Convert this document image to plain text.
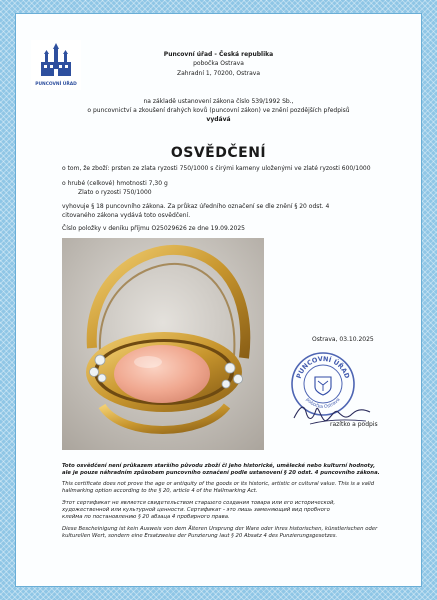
PUNCOVNÍ ÚŘAD
Puncovní úřad - Česká republika
pobočka Ostrava
Zahradní 1, 70200, Ostrava
na základě ustanovení zákona číslo 539/1992 Sb.,
o puncovnictví a zkoušení drahých kovů (puncovní zákon) ve znění pozdějších předpisů
vydává
OSVĚDČENÍ
o tom, že zboží: prsten ze zlata ryzosti 750/1000 s čirými kameny uloženými ve zlaté ryzosti 600/1000
o hrubé (celkové) hmotnosti 7,30 g
Zlato o ryzosti 750/1000
vyhovuje § 18 puncovního zákona. Za průkaz úředního označení se dle znění § 20 odst. 4
citovaného zákona vydává toto osvědčení.
Číslo položky v deníku příjmu O25029626 ze dne 19.09.2025
Ostrava, 03.10.2025
PUNCOVNÍ ÚŘAD
pobočka Ostrava
razítko a podpis
Toto osvědčení není průkazem staršího původu zboží či jeho historické, umělecké nebo kulturní hodnoty,
ale je pouze náhradním způsobem puncovního označení podle ustanovení § 20 odst. 4 puncovního zákona.
This certificate does not prove the age or antiquity of the goods or its historic, artistic or cultural value. This is a valid
hallmarking option according to the § 20, article 4 of the Hallmarking Act.
Этот сертификат не является свидетельством старшего создания товара или его исторической,
художественной или культурной ценности. Сертификат - это лишь заменяющий вид пробного
клейма по постановлению § 20 абзаца 4 пробирного права.
Diese Bescheinigung ist kein Ausweis von dem Älteren Ursprung der Ware oder ihres historischen, künstlerischen oder
kulturellen Wert, sondern eine Ersatzweise der Punzierung laut § 20 Absatz 4 des Punzierungsgesetzes.
